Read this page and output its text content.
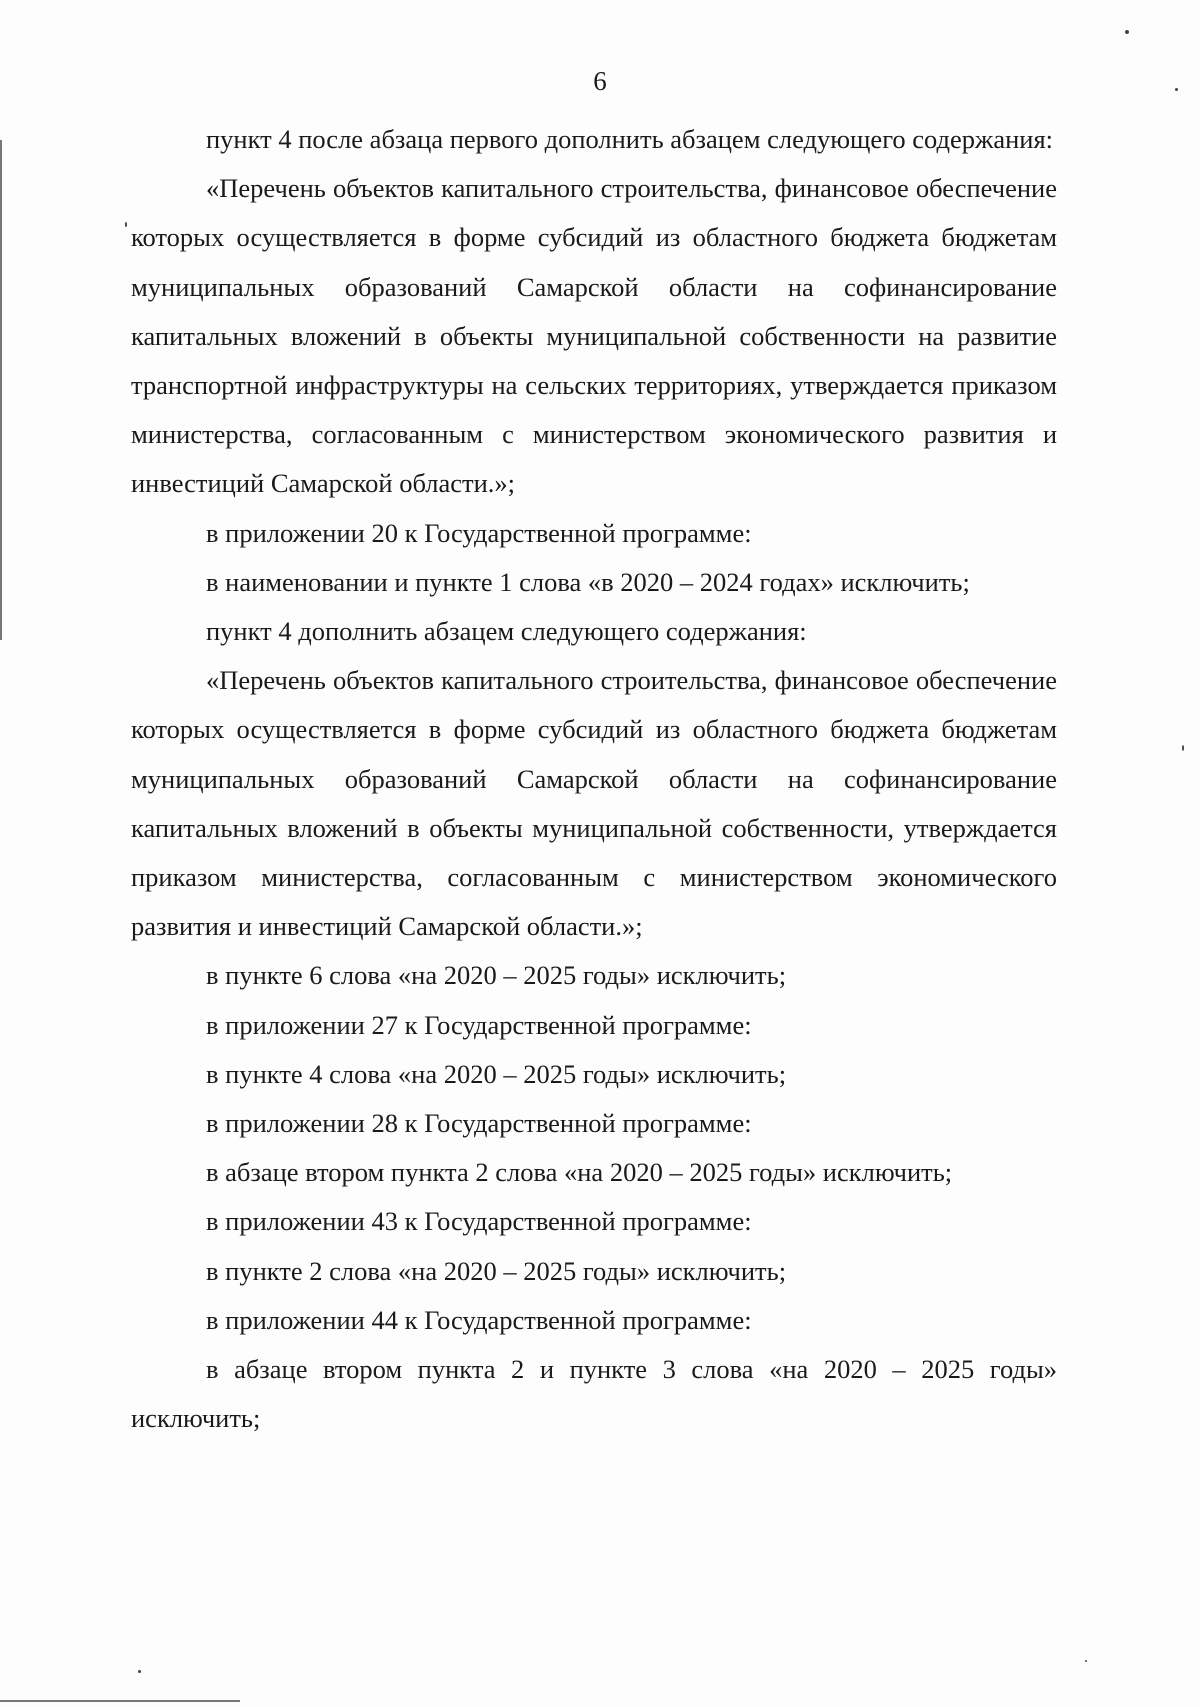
6

пункт 4 после абзаца первого дополнить абзацем следующего содержания:

«Перечень объектов капитального строительства, финансовое обеспечение которых осуществляется в форме субсидий из областного бюджета бюджетам муниципальных образований Самарской области на софинансирование капитальных вложений в объекты муниципальной собственности на развитие транспортной инфраструктуры на сельских территориях, утверждается приказом министерства, согласованным с министерством экономического развития и инвестиций Самарской области.»;

в приложении 20 к Государственной программе:

в наименовании и пункте 1 слова «в 2020 – 2024 годах» исключить;

пункт 4 дополнить абзацем следующего содержания:

«Перечень объектов капитального строительства, финансовое обеспечение которых осуществляется в форме субсидий из областного бюджета бюджетам муниципальных образований Самарской области на софинансирование капитальных вложений в объекты муниципальной собственности, утверждается приказом министерства, согласованным с министерством экономического развития и инвестиций Самарской области.»;

в пункте 6 слова «на 2020 – 2025 годы» исключить;

в приложении 27 к Государственной программе:

в пункте 4 слова «на 2020 – 2025 годы» исключить;

в приложении 28 к Государственной программе:

в абзаце втором пункта 2 слова «на 2020 – 2025 годы» исключить;

в приложении 43 к Государственной программе:

в пункте 2 слова «на 2020 – 2025 годы» исключить;

в приложении 44 к Государственной программе:

в абзаце втором пункта 2 и пункте 3 слова «на 2020 – 2025 годы» исключить;
